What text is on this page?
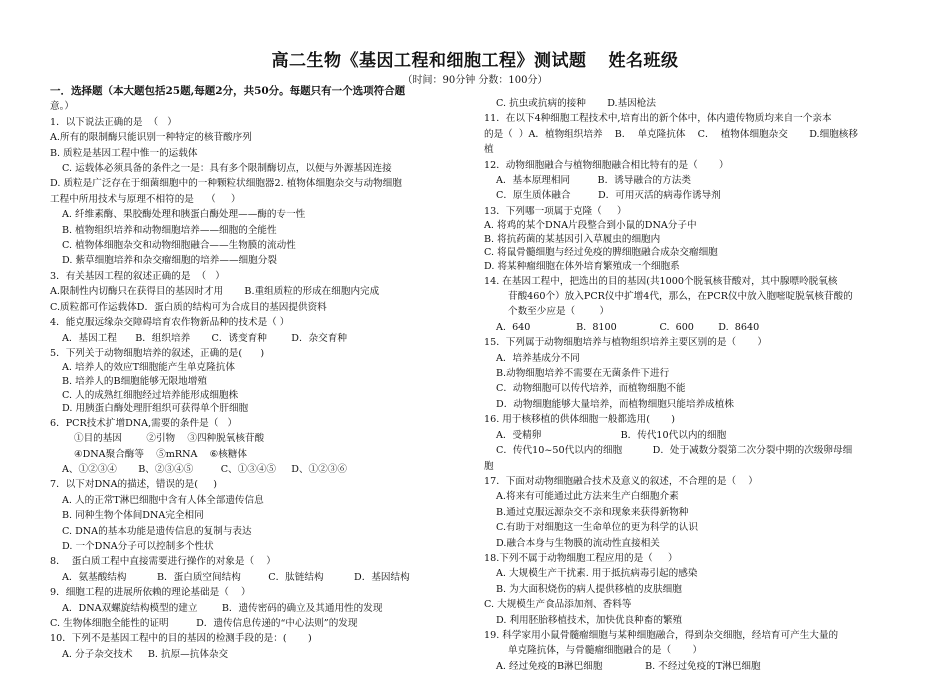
高二生物《基因工程和细胞工程》测试题 姓名班级
（时间：90分钟 分数：100分）
一．选择题（本大题包括25题,每题2分，共50分。每题只有一个选项符合题
意。）
1．以下说法正确的是  （   ）
A.所有的限制酶只能识别一种特定的核苷酸序列
B. 质粒是基因工程中惟一的运载体
C. 运载体必须具备的条件之一是：具有多个限制酶切点，以便与外源基因连接
D. 质粒是广泛存在于细菌细胞中的一种颗粒状细胞器2. 植物体细胞杂交与动物细胞
工程中所用技术与原理不相符的是    （     ）
A. 纤维素酶、果胶酶处理和胰蛋白酶处理——酶的专一性
B. 植物组织培养和动物细胞培养——细胞的全能性
C. 植物体细胞杂交和动物细胞融合——生物膜的流动性
D. 紫草细胞培养和杂交瘤细胞的培养——细胞分裂
3．有关基因工程的叙述正确的是  （   ）
A.限制性内切酶只在获得目的基因时才用       B.重组质粒的形成在细胞内完成
C.质粒都可作运载体D．蛋白质的结构可为合成目的基因提供资料
4．能克服远缘杂交障碍培育农作物新品种的技术是（ ）
A．基因工程      B．组织培养       C．诱变育种        D．杂交育种
5．下列关于动物细胞培养的叙述，正确的是(      )
A. 培养人的效应T细胞能产生单克隆抗体
B. 培养人的B细胞能够无限地增殖
C. 人的成熟红细胞经过培养能形成细胞株
D. 用胰蛋白酶处理肝组织可获得单个肝细胞
6．PCR技术扩增DNA,需要的条件是（   ）
①目的基因        ②引物    ③四种脱氧核苷酸
④DNA聚合酶等    ⑤mRNA    ⑥核糖体
A、①②③④       B、②③④⑤         C、①③④⑤     D、①②③⑥
7．以下对DNA的描述，错误的是(     )
A. 人的正常T淋巴细胞中含有人体全部遗传信息
B. 同种生物个体间DNA完全相同
C. DNA的基本功能是遗传信息的复制与表达
D. 一个DNA分子可以控制多个性状
8．  蛋白质工程中直接需要进行操作的对象是（    ）
A．氨基酸结构          B．蛋白质空间结构         C．肽链结构          D．基因结构
9．细胞工程的进展所依赖的理论基础是（    ）
A．DNA双螺旋结构模型的建立        B．遗传密码的确立及其通用性的发现
C. 生物体细胞全能性的证明         D．遗传信息传递的“中心法则”的发现
10．下列不是基因工程中的目的基因的检测手段的是：(       )
A. 分子杂交技术     B. 抗原—抗体杂交
C. 抗虫或抗病的接种       D.基因枪法
11．在以下4种细胞工程技术中,培育出的新个体中，体内遗传物质均来自一个亲本
的是（  ）A．植物组织培养    B．  单克隆抗体    C．  植物体细胞杂交       D.细胞核移
植
12．动物细胞融合与植物细胞融合相比特有的是（       ）
A．基本原理相同         B．诱导融合的方法类
C．原生质体融合         D．可用灭活的病毒作诱导剂
13．下列哪一项属于克隆（     ）
A. 将鸡的某个DNA片段整合到小鼠的DNA分子中
B. 将抗药菌的某基因引入草履虫的细胞内
C. 将鼠骨髓细胞与经过免疫的脾细胞融合成杂交瘤细胞
D. 将某种瘤细胞在体外培育繁殖成一个细胞系
14. 在基因工程中，把选出的目的基因(共1000个脱氧核苷酸对，其中腺嘌呤脱氧核
苷酸460个）放入PCR仪中扩增4代，那么，在PCR仪中放入胞嘧啶脱氧核苷酸的
个数至少应是（        ）
A.  640               B.  8100              C.  600        D.  8640
15．下列属于动物细胞培养与植物组织培养主要区别的是（       ）
A．培养基成分不同
B.动物细胞培养不需要在无菌条件下进行
C．动物细胞可以传代培养，而植物细胞不能
D．动物细胞能够大量培养，而植物细胞只能培养成植株
16. 用于核移植的供体细胞一般都选用(       )
A．受精卵                          B．传代10代以内的细胞
C．传代10~50代以内的细胞          D．处于减数分裂第二次分裂中期的次级卵母细
胞
17．下面对动物细胞融合技术及意义的叙述，不合理的是（    ）
A.将来有可能通过此方法来生产白细胞介素
B.通过克服远源杂交不亲和现象来获得新物种
C.有助于对细胞这一生命单位的更为科学的认识
D.融合本身与生物膜的流动性直接相关
18.下列不属于动物细胞工程应用的是（     ）
A. 大规模生产干扰素. 用于抵抗病毒引起的感染
B. 为大面积烧伤的病人提供移植的皮肤细胞
C. 大规模生产食品添加剂、香料等
D. 利用胚胎移植技术，加快优良种畜的繁殖
19. 科学家用小鼠骨髓瘤细胞与某种细胞融合，得到杂交细胞，经培育可产生大量的
单克隆抗体，与骨髓瘤细胞融合的是（       ）
A. 经过免疫的B淋巴细胞              B. 不经过免疫的T淋巴细胞
